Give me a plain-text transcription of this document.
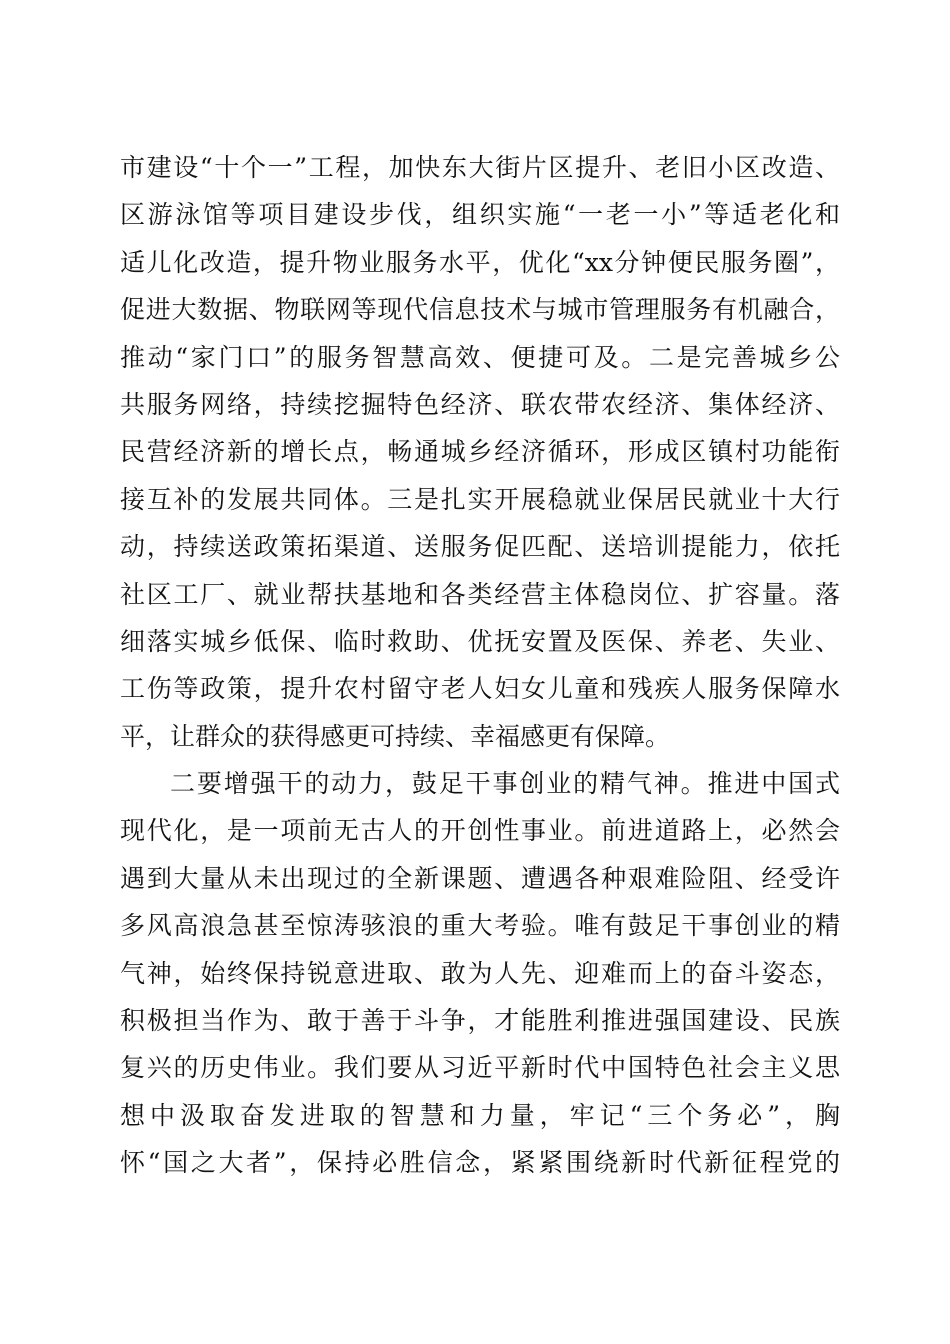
市建设“十个一”工程，加快东大街片区提升、老旧小区改造、
区游泳馆等项目建设步伐，组织实施“一老一小”等适老化和
适儿化改造，提升物业服务水平，优化“xx分钟便民服务圈”，
促进大数据、物联网等现代信息技术与城市管理服务有机融合，
推动“家门口”的服务智慧高效、便捷可及。二是完善城乡公
共服务网络，持续挖掘特色经济、联农带农经济、集体经济、
民营经济新的增长点，畅通城乡经济循环，形成区镇村功能衔
接互补的发展共同体。三是扎实开展稳就业保居民就业十大行
动，持续送政策拓渠道、送服务促匹配、送培训提能力，依托
社区工厂、就业帮扶基地和各类经营主体稳岗位、扩容量。落
细落实城乡低保、临时救助、优抚安置及医保、养老、失业、
工伤等政策，提升农村留守老人妇女儿童和残疾人服务保障水
平，让群众的获得感更可持续、幸福感更有保障。
二要增强干的动力，鼓足干事创业的精气神。推进中国式
现代化，是一项前无古人的开创性事业。前进道路上，必然会
遇到大量从未出现过的全新课题、遭遇各种艰难险阻、经受许
多风高浪急甚至惊涛骇浪的重大考验。唯有鼓足干事创业的精
气神，始终保持锐意进取、敢为人先、迎难而上的奋斗姿态，
积极担当作为、敢于善于斗争，才能胜利推进强国建设、民族
复兴的历史伟业。我们要从习近平新时代中国特色社会主义思
想中汲取奋发进取的智慧和力量，牢记“三个务必”，胸
怀“国之大者”，保持必胜信念，紧紧围绕新时代新征程党的
